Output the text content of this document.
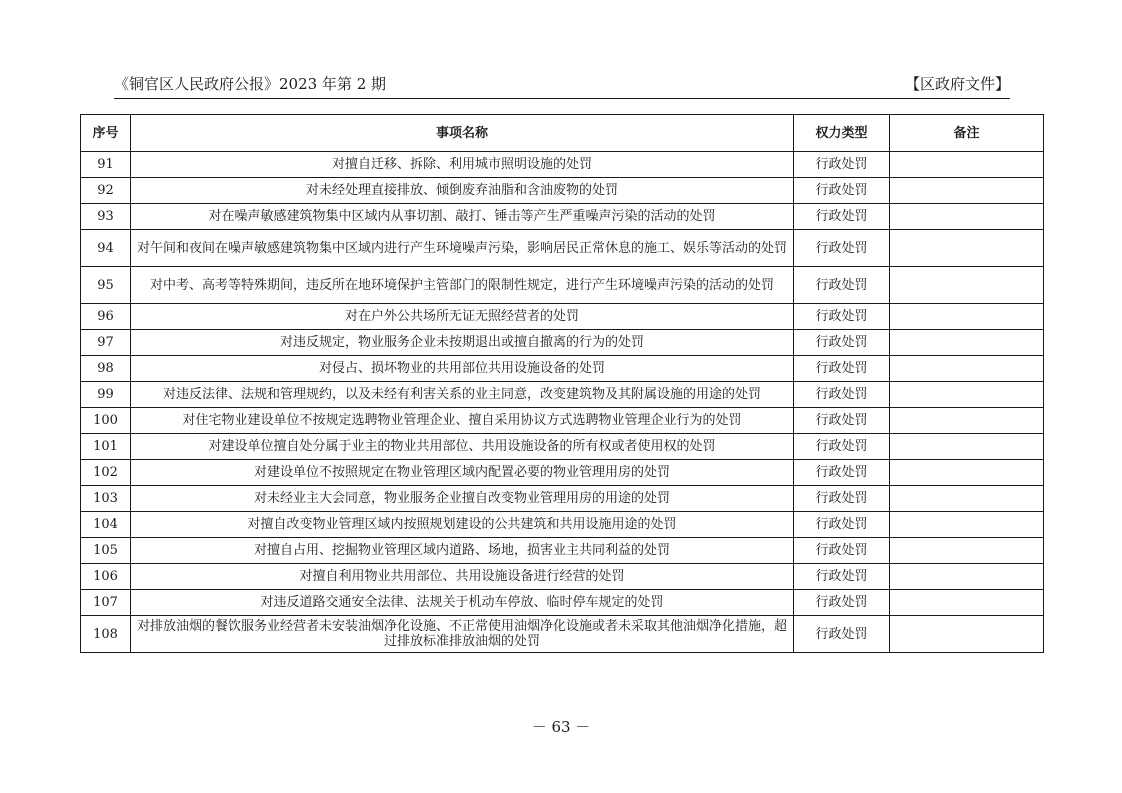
《铜官区人民政府公报》2023 年第 2 期	【区政府文件】
序号	事项名称	权力类型	备注
91	对擅自迁移、拆除、利用城市照明设施的处罚	行政处罚	
92	对未经处理直接排放、倾倒废弃油脂和含油废物的处罚	行政处罚	
93	对在噪声敏感建筑物集中区域内从事切割、敲打、锤击等产生严重噪声污染的活动的处罚	行政处罚	
94	对午间和夜间在噪声敏感建筑物集中区域内进行产生环境噪声污染，影响居民正常休息的施工、娱乐等活动的处罚	行政处罚	
95	对中考、高考等特殊期间，违反所在地环境保护主管部门的限制性规定，进行产生环境噪声污染的活动的处罚	行政处罚	
96	对在户外公共场所无证无照经营者的处罚	行政处罚	
97	对违反规定，物业服务企业未按期退出或擅自撤离的行为的处罚	行政处罚	
98	对侵占、损坏物业的共用部位共用设施设备的处罚	行政处罚	
99	对违反法律、法规和管理规约，以及未经有利害关系的业主同意，改变建筑物及其附属设施的用途的处罚	行政处罚	
100	对住宅物业建设单位不按规定选聘物业管理企业、擅自采用协议方式选聘物业管理企业行为的处罚	行政处罚	
101	对建设单位擅自处分属于业主的物业共用部位、共用设施设备的所有权或者使用权的处罚	行政处罚	
102	对建设单位不按照规定在物业管理区域内配置必要的物业管理用房的处罚	行政处罚	
103	对未经业主大会同意，物业服务企业擅自改变物业管理用房的用途的处罚	行政处罚	
104	对擅自改变物业管理区域内按照规划建设的公共建筑和共用设施用途的处罚	行政处罚	
105	对擅自占用、挖掘物业管理区域内道路、场地，损害业主共同利益的处罚	行政处罚	
106	对擅自利用物业共用部位、共用设施设备进行经营的处罚	行政处罚	
107	对违反道路交通安全法律、法规关于机动车停放、临时停车规定的处罚	行政处罚	
108	对排放油烟的餐饮服务业经营者未安装油烟净化设施、不正常使用油烟净化设施或者未采取其他油烟净化措施，超过排放标准排放油烟的处罚	行政处罚	
－ 63 －
